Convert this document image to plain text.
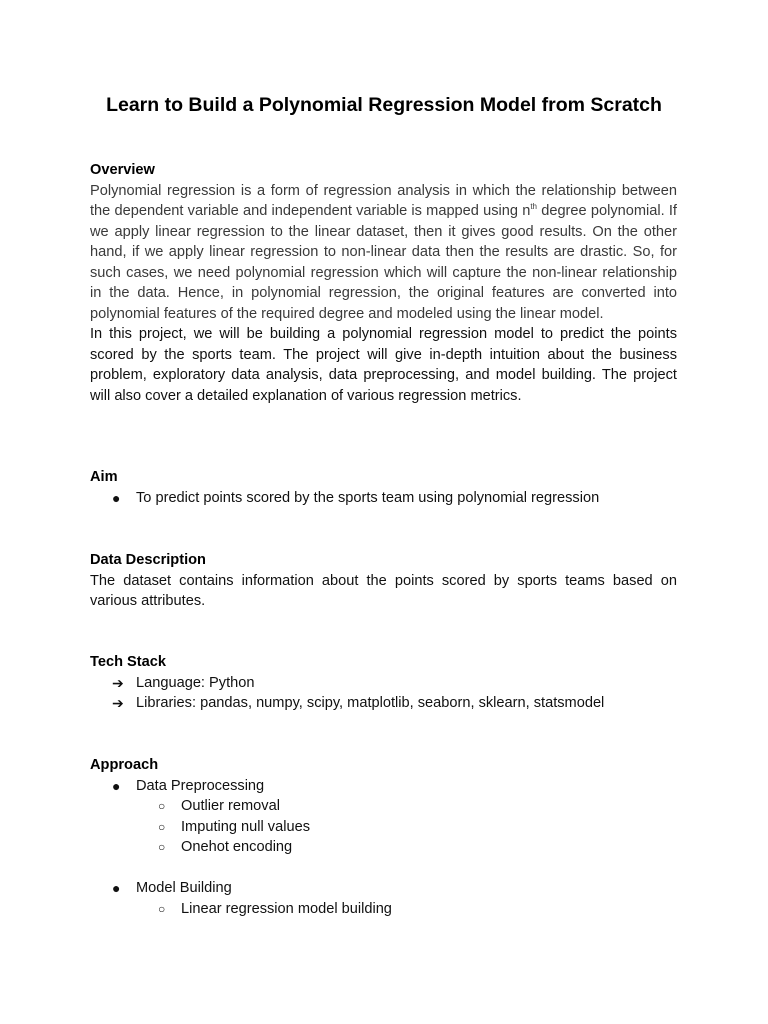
Learn to Build a Polynomial Regression Model from Scratch

Overview

Polynomial regression is a form of regression analysis in which the relationship between the dependent variable and independent variable is mapped using $n^{th}$ degree polynomial. If we apply linear regression to the linear dataset, then it gives good results. On the other hand, if we apply linear regression to non-linear data then the results are drastic. So, for such cases, we need polynomial regression which will capture the non-linear relationship in the data. Hence, in polynomial regression, the original features are converted into polynomial features of the required degree and modeled using the linear model.

In this project, we will be building a polynomial regression model to predict the points scored by the sports team. The project will give in-depth intuition about the business problem, exploratory data analysis, data preprocessing, and model building. The project will also cover a detailed explanation of various regression metrics.

Aim

● To predict points scored by the sports team using polynomial regression

Data Description

The dataset contains information about the points scored by sports teams based on various attributes.

Tech Stack

➔ Language: Python
➔ Libraries: pandas, numpy, scipy, matplotlib, seaborn, sklearn, statsmodel

Approach

● Data Preprocessing
○ Outlier removal
○ Imputing null values
○ Onehot encoding
● Model Building
○ Linear regression model building
